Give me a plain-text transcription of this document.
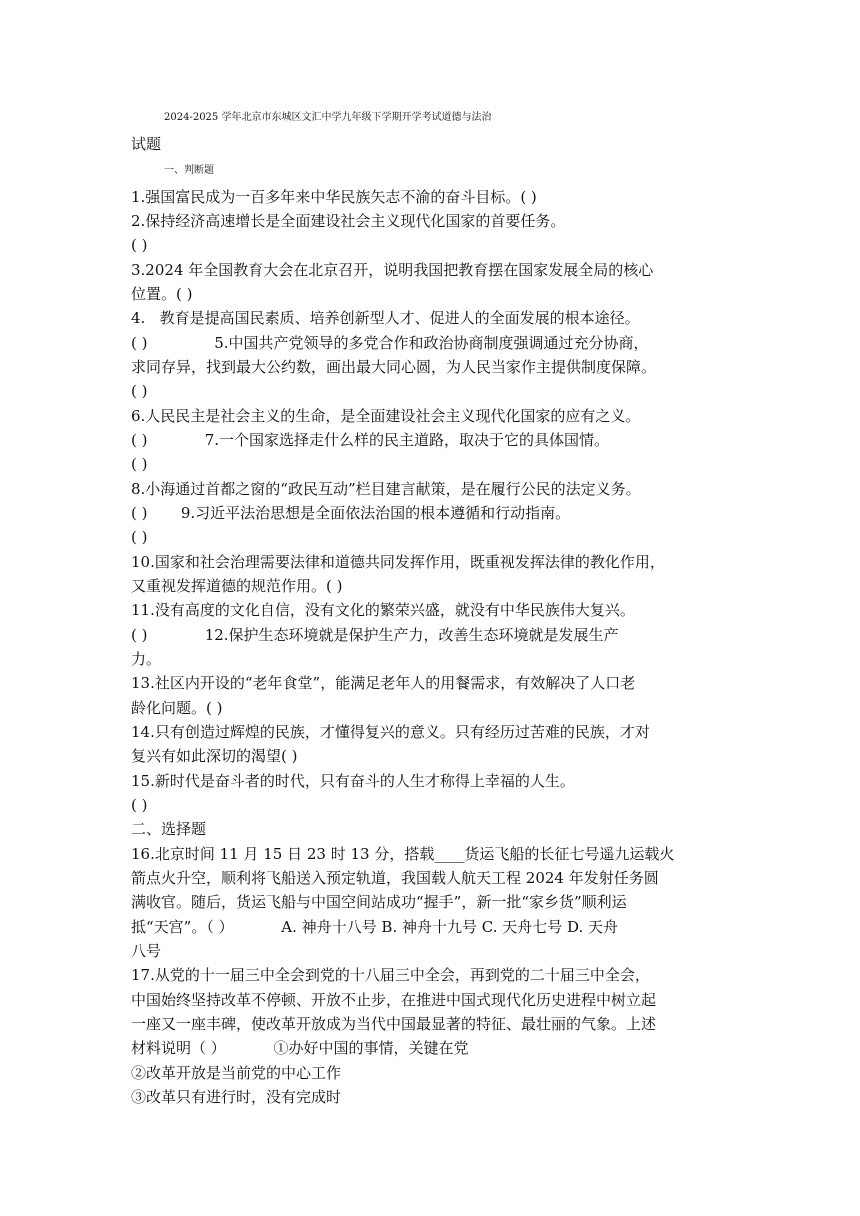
2024-2025 学年北京市东城区文汇中学九年级下学期开学考试道德与法治
试题
一、判断题
1.强国富民成为一百多年来中华民族矢志不渝的奋斗目标。( )
2.保持经济高速增长是全面建设社会主义现代化国家的首要任务。
( )
3.2024 年全国教育大会在北京召开，说明我国把教育摆在国家发展全局的核心
位置。( )
4.   教育是提高国民素质、培养创新型人才、促进人的全面发展的根本途径。
( )              5.中国共产党领导的多党合作和政治协商制度强调通过充分协商，
求同存异，找到最大公约数，画出最大同心圆，为人民当家作主提供制度保障。
( )
6.人民民主是社会主义的生命，是全面建设社会主义现代化国家的应有之义。
( )            7.一个国家选择走什么样的民主道路，取决于它的具体国情。
( )
8.小海通过首都之窗的“政民互动”栏目建言献策，是在履行公民的法定义务。
( )       9.习近平法治思想是全面依法治国的根本遵循和行动指南。
( )
10.国家和社会治理需要法律和道德共同发挥作用，既重视发挥法律的教化作用，
又重视发挥道德的规范作用。( )
11.没有高度的文化自信，没有文化的繁荣兴盛，就没有中华民族伟大复兴。
( )            12.保护生态环境就是保护生产力，改善生态环境就是发展生产
力。
13.社区内开设的“老年食堂”，能满足老年人的用餐需求，有效解决了人口老
龄化问题。( )
14.只有创造过辉煌的民族，才懂得复兴的意义。只有经历过苦难的民族，才对
复兴有如此深切的渴望( )
15.新时代是奋斗者的时代，只有奋斗的人生才称得上幸福的人生。
( )
二、选择题
16.北京时间 11 月 15 日 23 时 13 分，搭载____货运飞船的长征七号遥九运载火
箭点火升空，顺利将飞船送入预定轨道，我国载人航天工程 2024 年发射任务圆
满收官。随后，货运飞船与中国空间站成功“握手”，新一批“家乡货”顺利运
抵“天宫”。（ ）          A. 神舟十八号 B. 神舟十九号 C. 天舟七号 D. 天舟
八号
17.从党的十一届三中全会到党的十八届三中全会，再到党的二十届三中全会，
中国始终坚持改革不停顿、开放不止步，在推进中国式现代化历史进程中树立起
一座又一座丰碑，使改革开放成为当代中国最显著的特征、最壮丽的气象。上述
材料说明（ ）          ①办好中国的事情，关键在党
②改革开放是当前党的中心工作
③改革只有进行时，没有完成时
